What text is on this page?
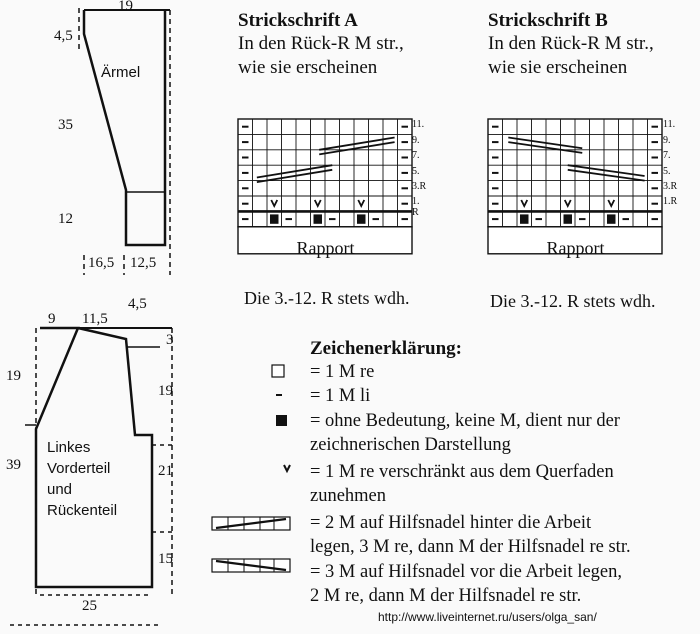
Ärmel
19
4,5
35
12
16,5 12,5
Linkes
Vorderteil
und
Rückenteil
9 11,5
4,5
3
19
39
19
21
15
25
Strickschrift A
In den Rück-R M str.,
wie sie erscheinen
11.
9.
7.
5.
3.R
1. R
Rapport
Die 3.-12. R stets wdh.
Strickschrift B
In den Rück-R M str.,
wie sie erscheinen
11.
9.
7.
5.
3.R
1.R
Rapport
Die 3.-12. R stets wdh.
Zeichenerklärung:
= 1 M re
= 1 M li
= ohne Bedeutung, keine M, dient nur der
zeichnerischen Darstellung
= 1 M re verschränkt aus dem Querfaden
zunehmen
= 2 M auf Hilfsnadel hinter die Arbeit
legen, 3 M re, dann M der Hilfsnadel re str.
= 3 M auf Hilfsnadel vor die Arbeit legen,
2 M re, dann M der Hilfsnadel re str.
http://www.liveinternet.ru/users/olga_san/
